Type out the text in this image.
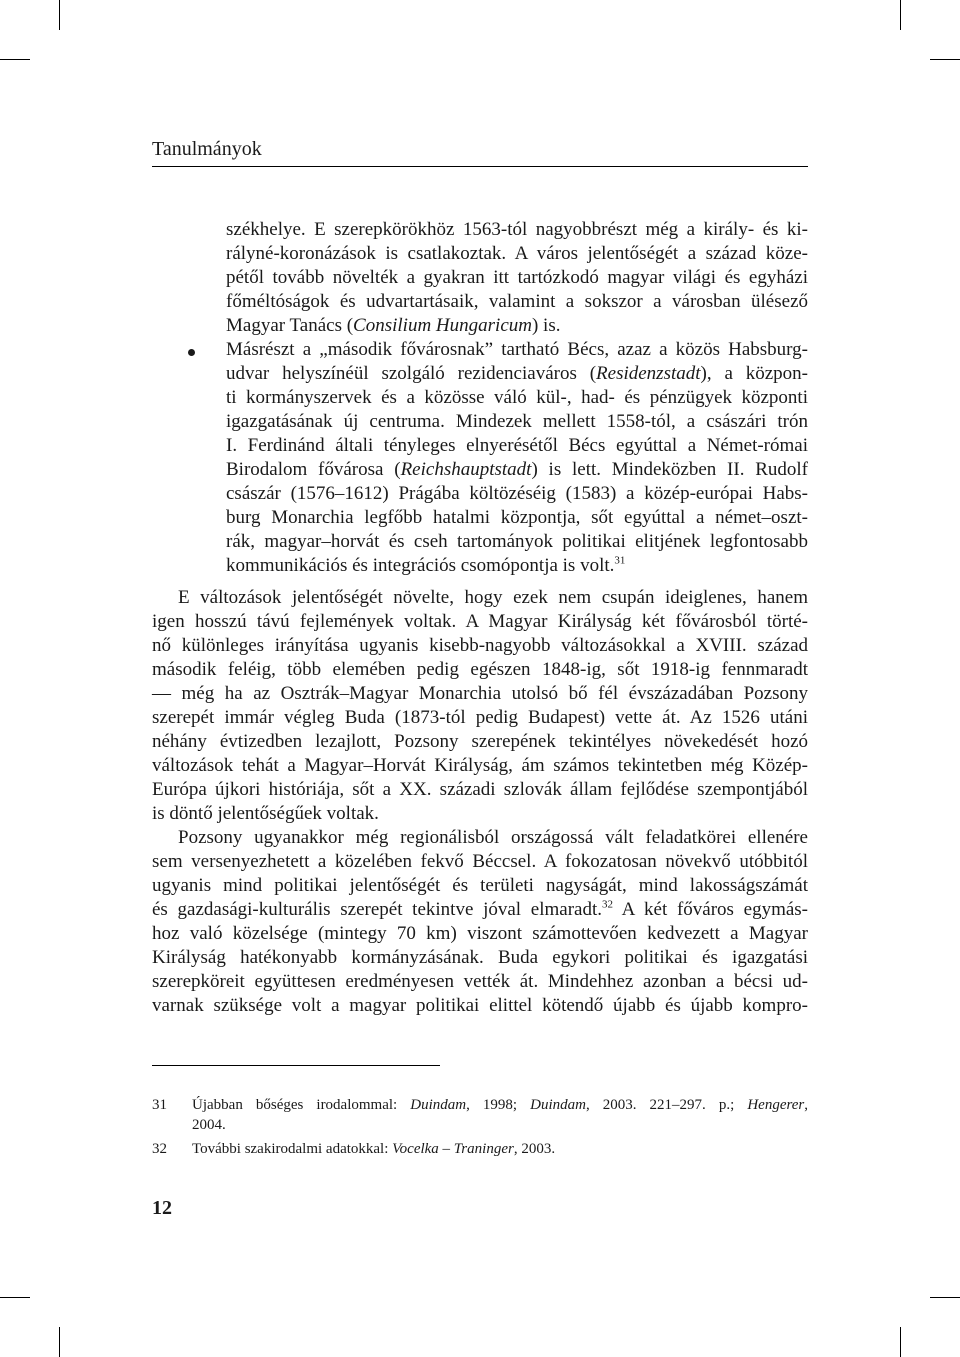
Tanulmányok
székhelye. E szerepkörökhöz 1563-tól nagyobbrészt még a király- és ki-
rályné-koronázások is csatlakoztak. A város jelentőségét a század köze-
pétől tovább növelték a gyakran itt tartózkodó magyar világi és egyházi
főméltóságok és udvartartásaik, valamint a sokszor a városban ülésező
Magyar Tanács (Consilium Hungaricum) is.
Másrészt a „második fővárosnak” tartható Bécs, azaz a közös Habsburg-
udvar helyszínéül szolgáló rezidenciaváros (Residenzstadt), a közpon-
ti kormányszervek és a közösse váló kül-, had- és pénzügyek központi
igazgatásának új centruma. Mindezek mellett 1558-tól, a császári trón
I. Ferdinánd általi tényleges elnyerésétől Bécs egyúttal a Német-római
Birodalom fővárosa (Reichshauptstadt) is lett. Mindeközben II. Rudolf
császár (1576–1612) Prágába költözéséig (1583) a közép-európai Habs-
burg Monarchia legfőbb hatalmi központja, sőt egyúttal a német–oszt-
rák, magyar–horvát és cseh tartományok politikai elitjének legfontosabb
kommunikációs és integrációs csomópontja is volt.$^{31}$
E változások jelentőségét növelte, hogy ezek nem csupán ideiglenes, hanem
igen hosszú távú fejlemények voltak. A Magyar Királyság két fővárosból törté-
nő különleges irányítása ugyanis kisebb-nagyobb változásokkal a XVIII. század
második feléig, több elemében pedig egészen 1848-ig, sőt 1918-ig fennmaradt
— még ha az Osztrák–Magyar Monarchia utolsó bő fél évszázadában Pozsony
szerepét immár végleg Buda (1873-tól pedig Budapest) vette át. Az 1526 utáni
néhány évtizedben lezajlott, Pozsony szerepének tekintélyes növekedését hozó
változások tehát a Magyar–Horvát Királyság, ám számos tekintetben még Közép-
Európa újkori históriája, sőt a XX. századi szlovák állam fejlődése szempontjából
is döntő jelentőségűek voltak.
Pozsony ugyanakkor még regionálisból országossá vált feladatkörei ellenére
sem versenyezhetett a közelében fekvő Béccsel. A fokozatosan növekvő utóbbitól
ugyanis mind politikai jelentőségét és területi nagyságát, mind lakosságszámát
és gazdasági-kulturális szerepét tekintve jóval elmaradt.$^{32}$ A két főváros egymás-
hoz való közelsége (mintegy 70 km) viszont számottevően kedvezett a Magyar
Királyság hatékonyabb kormányzásának. Buda egykori politikai és igazgatási
szerepköreit együttesen eredményesen vették át. Mindehhez azonban a bécsi ud-
varnak szüksége volt a magyar politikai elittel kötendő újabb és újabb kompro-
31 Újabban bőséges irodalommal: Duindam, 1998; Duindam, 2003. 221–297. p.; Hengerer,
2004.
32 További szakirodalmi adatokkal: Vocelka – Traninger, 2003.
12
